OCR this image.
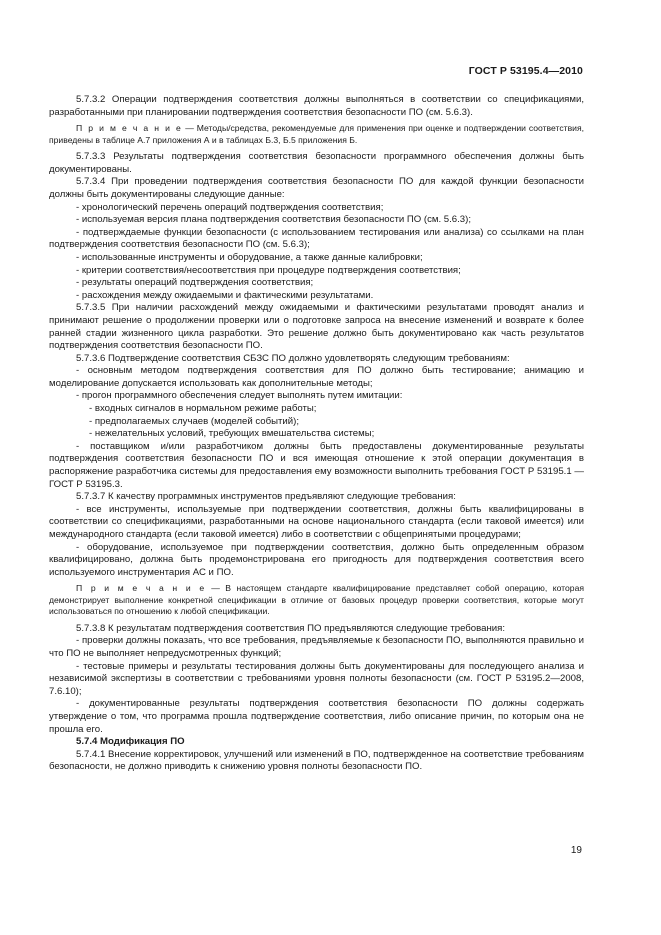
ГОСТ Р 53195.4—2010

5.7.3.2 Операции подтверждения соответствия должны выполняться в соответствии со спецификациями, разработанными при планировании подтверждения соответствия безопасности ПО (см. 5.6.3).

П р и м е ч а н и е — Методы/средства, рекомендуемые для применения при оценке и подтверждении соответствия, приведены в таблице А.7 приложения А и в таблицах Б.3, Б.5 приложения Б.

5.7.3.3 Результаты подтверждения соответствия безопасности программного обеспечения должны быть документированы.

5.7.3.4 При проведении подтверждения соответствия безопасности ПО для каждой функции безопасности должны быть документированы следующие данные:

- хронологический перечень операций подтверждения соответствия;

- используемая версия плана подтверждения соответствия безопасности ПО (см. 5.6.3);

- подтверждаемые функции безопасности (с использованием тестирования или анализа) со ссылками на план подтверждения соответствия безопасности ПО (см. 5.6.3);

- использованные инструменты и оборудование, а также данные калибровки;

- критерии соответствия/несоответствия при процедуре подтверждения соответствия;

- результаты операций подтверждения соответствия;

- расхождения между ожидаемыми и фактическими результатами.

5.7.3.5 При наличии расхождений между ожидаемыми и фактическими результатами проводят анализ и принимают решение о продолжении проверки или о подготовке запроса на внесение изменений и возврате к более ранней стадии жизненного цикла разработки. Это решение должно быть документировано как часть результатов подтверждения соответствия безопасности ПО.

5.7.3.6 Подтверждение соответствия СБЗС ПО должно удовлетворять следующим требованиям:

- основным методом подтверждения соответствия для ПО должно быть тестирование; анимацию и моделирование допускается использовать как дополнительные методы;

- прогон программного обеспечения следует выполнять путем имитации:

- входных сигналов в нормальном режиме работы;

- предполагаемых случаев (моделей событий);

- нежелательных условий, требующих вмешательства системы;

- поставщиком и/или разработчиком должны быть предоставлены документированные результаты подтверждения соответствия безопасности ПО и вся имеющая отношение к этой операции документация в распоряжение разработчика системы для предоставления ему возможности выполнить требования ГОСТ Р 53195.1 — ГОСТ Р 53195.3.

5.7.3.7 К качеству программных инструментов предъявляют следующие требования:

- все инструменты, используемые при подтверждении соответствия, должны быть квалифицированы в соответствии со спецификациями, разработанными на основе национального стандарта (если таковой имеется) или международного стандарта (если таковой имеется) либо в соответствии с общепринятыми процедурами;

- оборудование, используемое при подтверждении соответствия, должно быть определенным образом квалифицировано, должна быть продемонстрирована его пригодность для подтверждения соответствия всего используемого инструментария АС и ПО.

П р и м е ч а н и е — В настоящем стандарте квалифицирование представляет собой операцию, которая демонстрирует выполнение конкретной спецификации в отличие от базовых процедур проверки соответствия, которые могут использоваться по отношению к любой спецификации.

5.7.3.8 К результатам подтверждения соответствия ПО предъявляются следующие требования:

- проверки должны показать, что все требования, предъявляемые к безопасности ПО, выполняются правильно и что ПО не выполняет непредусмотренных функций;

- тестовые примеры и результаты тестирования должны быть документированы для последующего анализа и независимой экспертизы в соответствии с требованиями уровня полноты безопасности (см. ГОСТ Р 53195.2—2008, 7.6.10);

- документированные результаты подтверждения соответствия безопасности ПО должны содержать утверждение о том, что программа прошла подтверждение соответствия, либо описание причин, по которым она не прошла его.

5.7.4 Модификация ПО

5.7.4.1 Внесение корректировок, улучшений или изменений в ПО, подтвержденное на соответствие требованиям безопасности, не должно приводить к снижению уровня полноты безопасности ПО.

19
